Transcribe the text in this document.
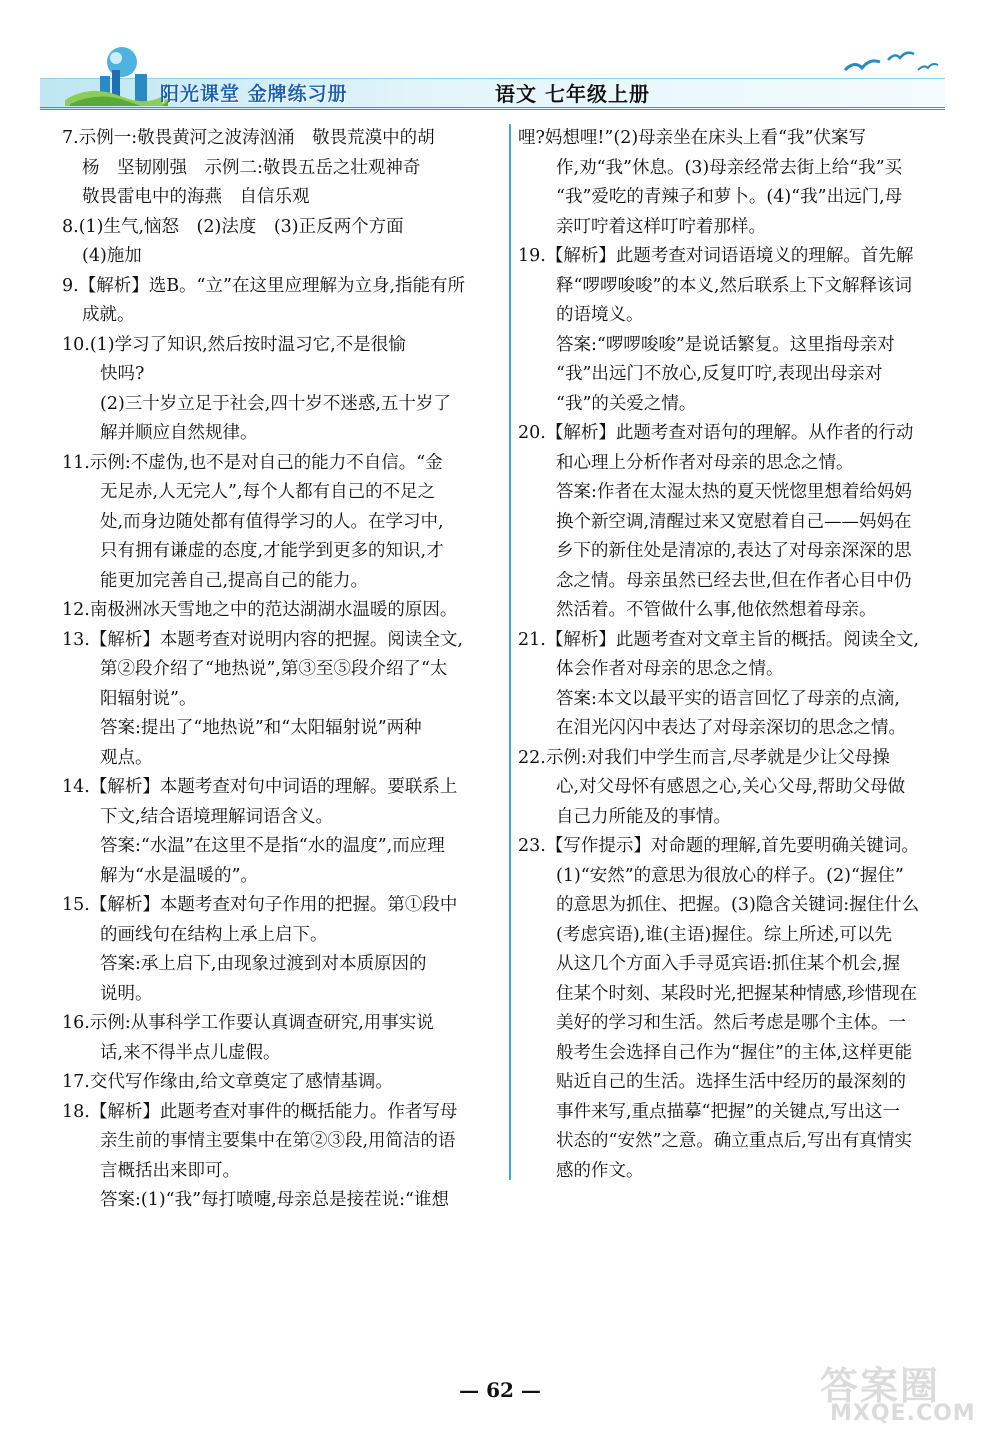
阳光课堂 金牌练习册	语文 七年级上册
7.示例一:敬畏黄河之波涛汹涌　敬畏荒漠中的胡
杨　坚韧刚强　示例二:敬畏五岳之壮观神奇
敬畏雷电中的海燕　自信乐观
8.(1)生气,恼怒　(2)法度　(3)正反两个方面
(4)施加
9.【解析】选B。“立”在这里应理解为立身,指能有所
成就。
10.(1)学习了知识,然后按时温习它,不是很愉
快吗?
(2)三十岁立足于社会,四十岁不迷惑,五十岁了
解并顺应自然规律。
11.示例:不虚伪,也不是对自己的能力不自信。“金
无足赤,人无完人”,每个人都有自己的不足之
处,而身边随处都有值得学习的人。在学习中,
只有拥有谦虚的态度,才能学到更多的知识,才
能更加完善自己,提高自己的能力。
12.南极洲冰天雪地之中的范达湖湖水温暖的原因。
13.【解析】本题考查对说明内容的把握。阅读全文,
第②段介绍了“地热说”,第③至⑤段介绍了“太
阳辐射说”。
答案:提出了“地热说”和“太阳辐射说”两种
观点。
14.【解析】本题考查对句中词语的理解。要联系上
下文,结合语境理解词语含义。
答案:“水温”在这里不是指“水的温度”,而应理
解为“水是温暖的”。
15.【解析】本题考查对句子作用的把握。第①段中
的画线句在结构上承上启下。
答案:承上启下,由现象过渡到对本质原因的
说明。
16.示例:从事科学工作要认真调查研究,用事实说
话,来不得半点儿虚假。
17.交代写作缘由,给文章奠定了感情基调。
18.【解析】此题考查对事件的概括能力。作者写母
亲生前的事情主要集中在第②③段,用简洁的语
言概括出来即可。
答案:(1)“我”每打喷嚏,母亲总是接茬说:“谁想
哩?妈想哩!”(2)母亲坐在床头上看“我”伏案写
作,劝“我”休息。(3)母亲经常去街上给“我”买
“我”爱吃的青辣子和萝卜。(4)“我”出远门,母
亲叮咛着这样叮咛着那样。
19.【解析】此题考查对词语语境义的理解。首先解
释“啰啰唆唆”的本义,然后联系上下文解释该词
的语境义。
答案:“啰啰唆唆”是说话繁复。这里指母亲对
“我”出远门不放心,反复叮咛,表现出母亲对
“我”的关爱之情。
20.【解析】此题考查对语句的理解。从作者的行动
和心理上分析作者对母亲的思念之情。
答案:作者在太湿太热的夏天恍惚里想着给妈妈
换个新空调,清醒过来又宽慰着自己——妈妈在
乡下的新住处是清凉的,表达了对母亲深深的思
念之情。母亲虽然已经去世,但在作者心目中仍
然活着。不管做什么事,他依然想着母亲。
21.【解析】此题考查对文章主旨的概括。阅读全文,
体会作者对母亲的思念之情。
答案:本文以最平实的语言回忆了母亲的点滴,
在泪光闪闪中表达了对母亲深切的思念之情。
22.示例:对我们中学生而言,尽孝就是少让父母操
心,对父母怀有感恩之心,关心父母,帮助父母做
自己力所能及的事情。
23.【写作提示】对命题的理解,首先要明确关键词。
(1)“安然”的意思为很放心的样子。(2)“握住”
的意思为抓住、把握。(3)隐含关键词:握住什么
(考虑宾语),谁(主语)握住。综上所述,可以先
从这几个方面入手寻觅宾语:抓住某个机会,握
住某个时刻、某段时光,把握某种情感,珍惜现在
美好的学习和生活。然后考虑是哪个主体。一
般考生会选择自己作为“握住”的主体,这样更能
贴近自己的生活。选择生活中经历的最深刻的
事件来写,重点描摹“把握”的关键点,写出这一
状态的“安然”之意。确立重点后,写出有真情实
感的作文。
— 62 —	答案圈
MXQE.COM
